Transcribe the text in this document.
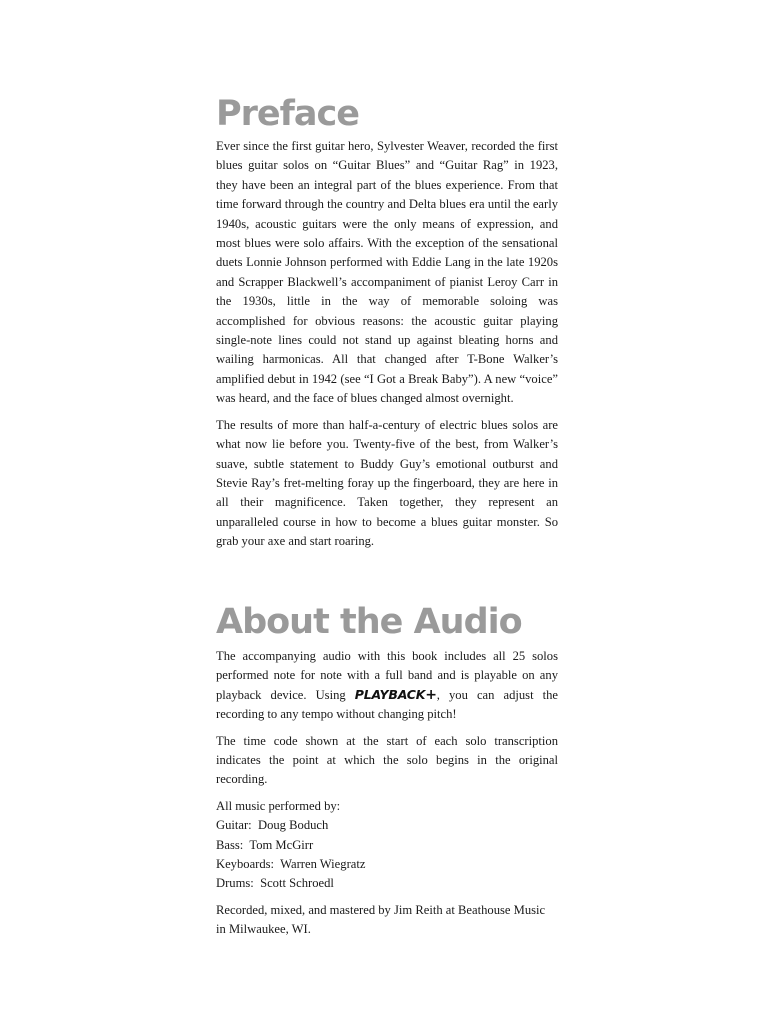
Preface

Ever since the first guitar hero, Sylvester Weaver, recorded the first blues guitar solos on “Guitar Blues” and “Guitar Rag” in 1923, they have been an integral part of the blues experience. From that time forward through the country and Delta blues era until the early 1940s, acoustic guitars were the only means of expression, and most blues were solo affairs. With the exception of the sensational duets Lonnie Johnson performed with Eddie Lang in the late 1920s and Scrapper Blackwell’s accompaniment of pianist Leroy Carr in the 1930s, little in the way of memorable soloing was accomplished for obvious reasons: the acoustic guitar playing single-note lines could not stand up against bleating horns and wailing harmonicas. All that changed after T-Bone Walker’s amplified debut in 1942 (see “I Got a Break Baby”). A new “voice” was heard, and the face of blues changed almost overnight.

The results of more than half-a-century of electric blues solos are what now lie before you. Twenty-five of the best, from Walker’s suave, subtle statement to Buddy Guy’s emotional outburst and Stevie Ray’s fret-melting foray up the fingerboard, they are here in all their magnificence. Taken together, they represent an unparalleled course in how to become a blues guitar monster. So grab your axe and start roaring.

About the Audio

The accompanying audio with this book includes all 25 solos performed note for note with a full band and is playable on any playback device. Using PLAYBACK+, you can adjust the recording to any tempo without changing pitch!

The time code shown at the start of each solo transcription indicates the point at which the solo begins in the original recording.

All music performed by:
Guitar: Doug Boduch
Bass: Tom McGirr
Keyboards: Warren Wiegratz
Drums: Scott Schroedl

Recorded, mixed, and mastered by Jim Reith at Beathouse Music in Milwaukee, WI.
